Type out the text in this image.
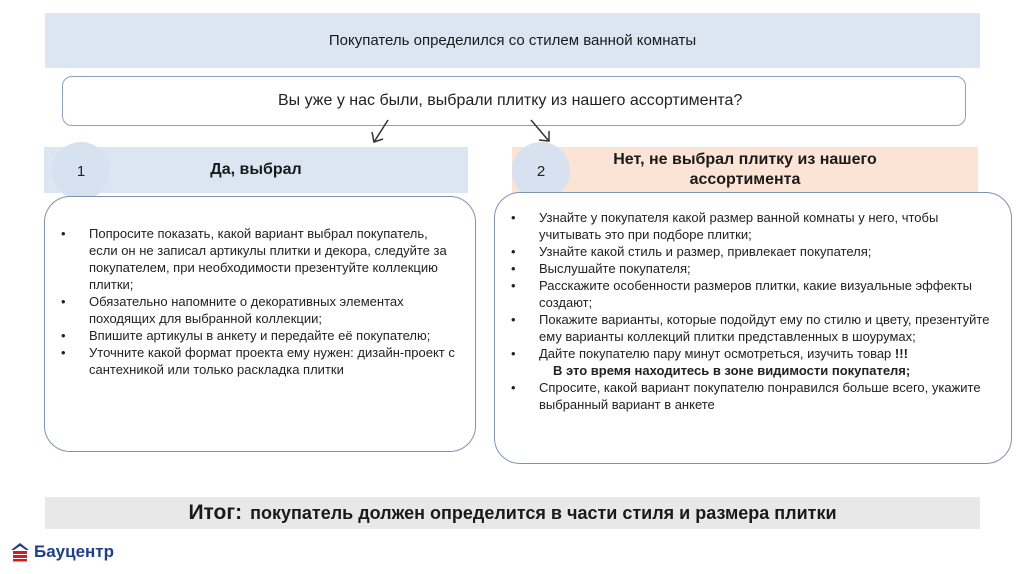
Покупатель определился со стилем ванной комнаты
Вы уже у нас были, выбрали плитку из нашего ассортимента?
Да, выбрал
1
Нет, не выбрал плитку из нашего ассортимента
2
• Попросите показать, какой вариант выбрал покупатель, если он не записал артикулы плитки и декора, следуйте за покупателем, при необходимости презентуйте коллекцию плитки;
• Обязательно напомните о декоративных элементах походящих для выбранной коллекции;
• Впишите артикулы в анкету и передайте её покупателю;
• Уточните какой формат проекта ему нужен: дизайн-проект с сантехникой или только раскладка плитки
• Узнайте у покупателя какой размер ванной комнаты у него, чтобы учитывать это при подборе плитки;
• Узнайте какой стиль и размер, привлекает покупателя;
• Выслушайте покупателя;
• Расскажите особенности размеров плитки, какие визуальные эффекты создают;
• Покажите варианты, которые подойдут ему по стилю и цвету, презентуйте ему варианты коллекций плитки представленных в шоурумах;
• Дайте покупателю пару минут осмотреться, изучить товар !!!
В это время находитесь в зоне видимости покупателя;
• Спросите, какой вариант покупателю понравился больше всего, укажите выбранный вариант в анкете
Итог: покупатель должен определится в части стиля и размера плитки
Бауцентр
